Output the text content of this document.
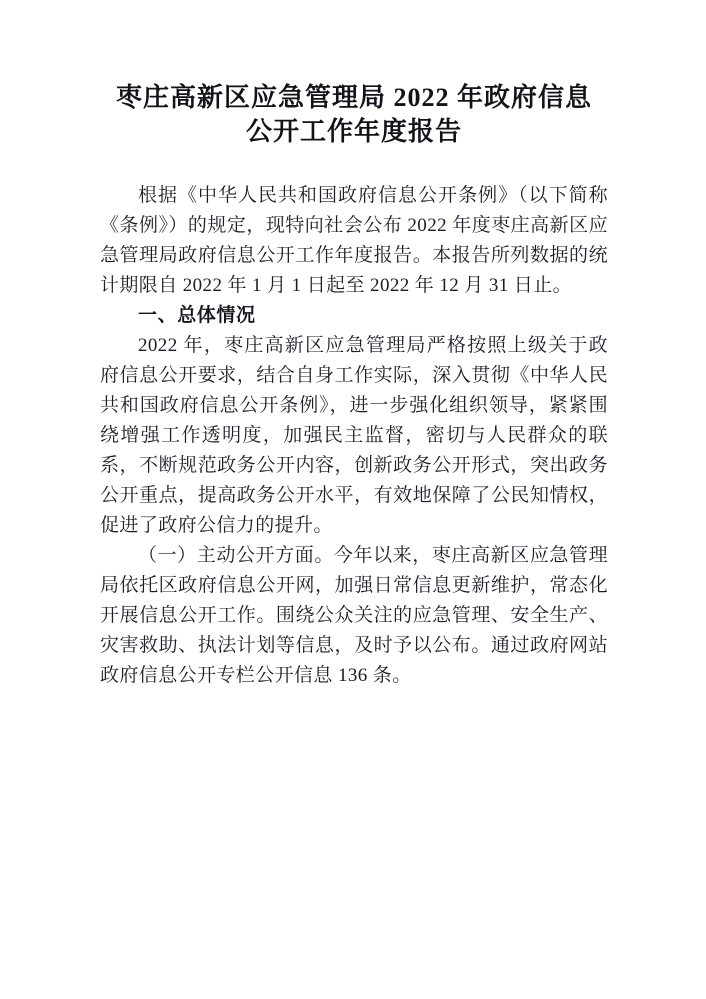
枣庄高新区应急管理局 2022 年政府信息
公开工作年度报告

根据《中华人民共和国政府信息公开条例》（以下简称《条例》）的规定，现特向社会公布 2022 年度枣庄高新区应急管理局政府信息公开工作年度报告。本报告所列数据的统计期限自 2022 年 1 月 1 日起至 2022 年 12 月 31 日止。

一、总体情况

2022 年，枣庄高新区应急管理局严格按照上级关于政府信息公开要求，结合自身工作实际，深入贯彻《中华人民共和国政府信息公开条例》，进一步强化组织领导，紧紧围绕增强工作透明度，加强民主监督，密切与人民群众的联系，不断规范政务公开内容，创新政务公开形式，突出政务公开重点，提高政务公开水平，有效地保障了公民知情权，促进了政府公信力的提升。

（一）主动公开方面。今年以来，枣庄高新区应急管理局依托区政府信息公开网，加强日常信息更新维护，常态化开展信息公开工作。围绕公众关注的应急管理、安全生产、灾害救助、执法计划等信息，及时予以公布。通过政府网站政府信息公开专栏公开信息 136 条。
